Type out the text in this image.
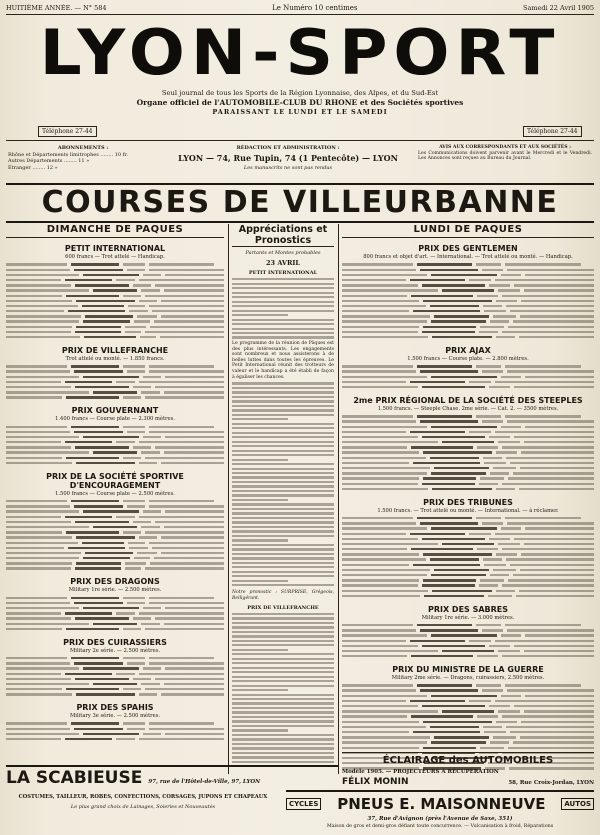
HUITIÈME ANNÉE. — N° 584	Le Numéro 10 centimes	Samedi 22 Avril 1905
LYON-SPORT
Seul journal de tous les Sports de la Région Lyonnaise, des Alpes, et du Sud-Est
Organe officiel de l'AUTOMOBILE-CLUB DU RHONE et des Sociétés sportives
PARAISSANT LE LUNDI ET LE SAMEDI
Téléphone 27-44	Téléphone 27-44
ABONNEMENTS :
Rhône et Départements limitrophes ........ 10 fr.
Autres Départements ........ 11 »
Étranger ........ 12 »
RÉDACTION ET ADMINISTRATION :
LYON — 74, Rue Tupin, 74 (1 Pentecôte) — LYON
Les manuscrits ne sont pas rendus
AVIS AUX CORRESPONDANTS ET AUX SOCIÉTÉS :
Les Communications doivent parvenir avant le Mercredi et le Vendredi. Les Annonces sont reçues au Bureau du Journal.
COURSES DE VILLEURBANNE
DIMANCHE DE PAQUES
PETIT INTERNATIONAL
600 francs — Trot attelé — Handicap.
PRIX DE VILLEFRANCHE
Trot attelé ou monté. — 1.850 francs.
PRIX GOUVERNANT
1.400 francs — Course plate — 2.300 mètres.
PRIX DE LA SOCIÉTÉ SPORTIVE D'ENCOURAGEMENT
1.500 francs — Course plate — 2.500 mètres.
PRIX DES DRAGONS
Military 1re série. — 2.500 mètres.
PRIX DES CUIRASSIERS
Military 2e série. — 2.500 mètres.
PRIX DES SPAHIS
Military 3e série. — 2.500 mètres.
Appréciations et Pronostics
Partants et Montes probables
23 AVRIL
PETIT INTERNATIONAL
Le programme de la réunion de Pâques est des plus intéressants. Les engagements sont nombreux et nous assisterons à de belles luttes dans toutes les épreuves. Le Petit International réunit des trotteurs de valeur et le handicap a été établi de façon à égaliser les chances.
Notre pronostic : SURPRISE, Grégeois, Belligérant.
PRIX DE VILLEFRANCHE
LUNDI DE PAQUES
PRIX DES GENTLEMEN
800 francs et objet d'art. — International. — Trot attelé ou monté. — Handicap.
PRIX AJAX
1.500 francs — Course plate. — 2.800 mètres.
2me PRIX RÉGIONAL DE LA SOCIÉTÉ DES STEEPLES
1.500 francs. — Steeple Chase. 2me série. — Cat. 2. — 3500 mètres.
PRIX DES TRIBUNES
1.500 francs. — Trot attelé ou monté. — International. — à réclamer.
PRIX DES SABRES
Military 1re série. — 3.000 mètres.
PRIX DU MINISTRE DE LA GUERRE
Military 2me série. — Dragons, cuirassiers, 2.500 mètres.
ÉCLAIRAGE des AUTOMOBILES
Modèle 1905. — PROJECTEURS A RÉCUPÉRATION
FÉLIX MONIN	58, Rue Croix-Jordan, LYON
LA SCABIEUSE 97, rue de l'Hôtel-de-Ville, 97, LYON
COSTUMES, TAILLEUR, ROBES, CONFECTIONS, CORSAGES, JUPONS ET CHAPEAUX
Le plus grand choix de Lainages, Soieries et Nouveautés	CYCLES PNEUS E. MAISONNEUVE	AUTOS
37, Rue d'Avignon (près l'Avenue de Saxe, 351)
Maison de gros et demi-gros défiant toute concurrence. — Vulcanisation à froid, Réparations
